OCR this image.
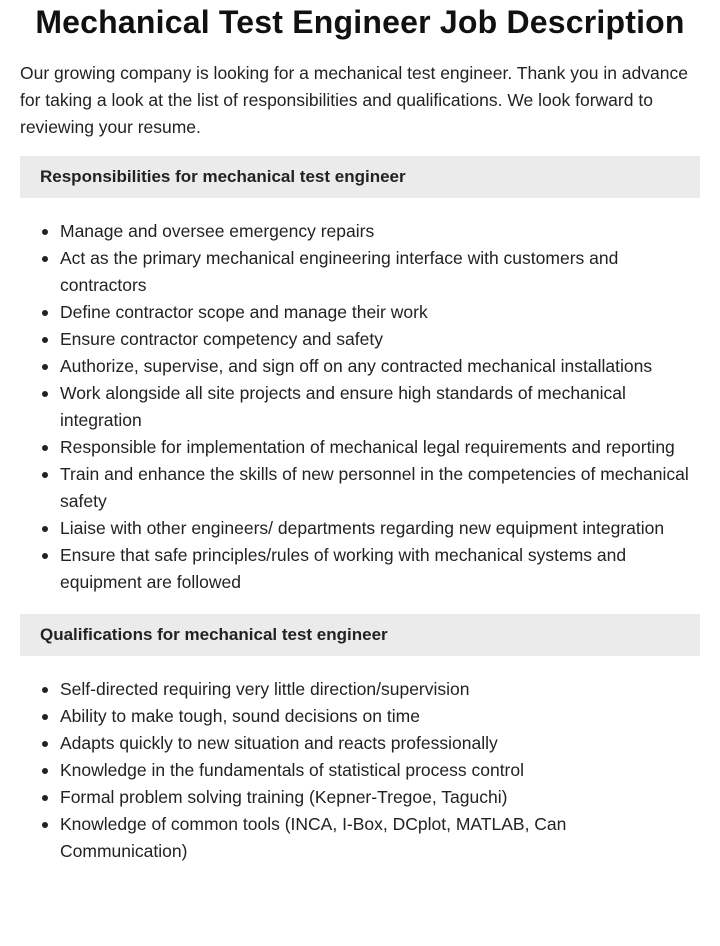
Mechanical Test Engineer Job Description

Our growing company is looking for a mechanical test engineer. Thank you in advance for taking a look at the list of responsibilities and qualifications. We look forward to reviewing your resume.

Responsibilities for mechanical test engineer
Manage and oversee emergency repairs
Act as the primary mechanical engineering interface with customers and contractors
Define contractor scope and manage their work
Ensure contractor competency and safety
Authorize, supervise, and sign off on any contracted mechanical installations
Work alongside all site projects and ensure high standards of mechanical integration
Responsible for implementation of mechanical legal requirements and reporting
Train and enhance the skills of new personnel in the competencies of mechanical safety
Liaise with other engineers/ departments regarding new equipment integration
Ensure that safe principles/rules of working with mechanical systems and equipment are followed
Qualifications for mechanical test engineer
Self-directed requiring very little direction/supervision
Ability to make tough, sound decisions on time
Adapts quickly to new situation and reacts professionally
Knowledge in the fundamentals of statistical process control
Formal problem solving training (Kepner-Tregoe, Taguchi)
Knowledge of common tools (INCA, I-Box, DCplot, MATLAB, Can Communication)
